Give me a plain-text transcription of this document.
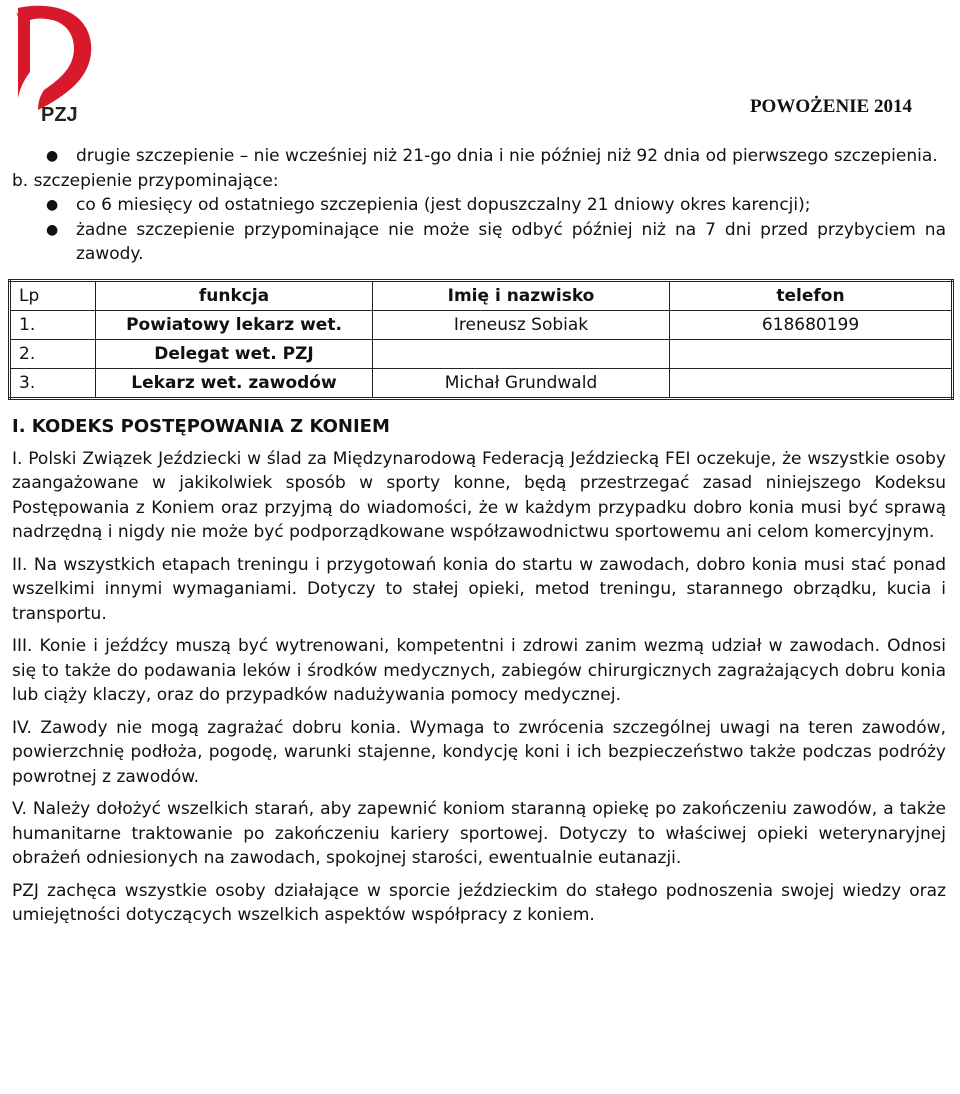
PZJ	POWOŻENIE 2014

● drugie szczepienie – nie wcześniej niż 21-go dnia i nie później niż 92 dnia od pierwszego szczepienia.

b. szczepienie przypominające:

● co 6 miesięcy od ostatniego szczepienia (jest dopuszczalny 21 dniowy okres karencji);

● żadne szczepienie przypominające nie może się odbyć później niż na 7 dni przed przybyciem na zawody.

Lp	funkcja	Imię i nazwisko	telefon
1.	Powiatowy lekarz wet.	Ireneusz Sobiak	618680199
2.	Delegat wet. PZJ		
3.	Lekarz wet. zawodów	Michał Grundwald	
I. KODEKS POSTĘPOWANIA Z KONIEM

I. Polski Związek Jeździecki w ślad za Międzynarodową Federacją Jeździecką FEI oczekuje, że wszystkie osoby zaangażowane w jakikolwiek sposób w sporty konne, będą przestrzegać zasad niniejszego Kodeksu Postępowania z Koniem oraz przyjmą do wiadomości, że w każdym przypadku dobro konia musi być sprawą nadrzędną i nigdy nie może być podporządkowane współzawodnictwu sportowemu ani celom komercyjnym.

II. Na wszystkich etapach treningu i przygotowań konia do startu w zawodach, dobro konia musi stać ponad wszelkimi innymi wymaganiami. Dotyczy to stałej opieki, metod treningu, starannego obrządku, kucia i transportu.

III. Konie i jeźdźcy muszą być wytrenowani, kompetentni i zdrowi zanim wezmą udział w zawodach. Odnosi się to także do podawania leków i środków medycznych, zabiegów chirurgicznych zagrażających dobru konia lub ciąży klaczy, oraz do przypadków nadużywania pomocy medycznej.

IV. Zawody nie mogą zagrażać dobru konia. Wymaga to zwrócenia szczególnej uwagi na teren zawodów, powierzchnię podłoża, pogodę, warunki stajenne, kondycję koni i ich bezpieczeństwo także podczas podróży powrotnej z zawodów.

V. Należy dołożyć wszelkich starań, aby zapewnić koniom staranną opiekę po zakończeniu zawodów, a także humanitarne traktowanie po zakończeniu kariery sportowej. Dotyczy to właściwej opieki weterynaryjnej obrażeń odniesionych na zawodach, spokojnej starości, ewentualnie eutanazji.

PZJ zachęca wszystkie osoby działające w sporcie jeździeckim do stałego podnoszenia swojej wiedzy oraz umiejętności dotyczących wszelkich aspektów współpracy z koniem.
